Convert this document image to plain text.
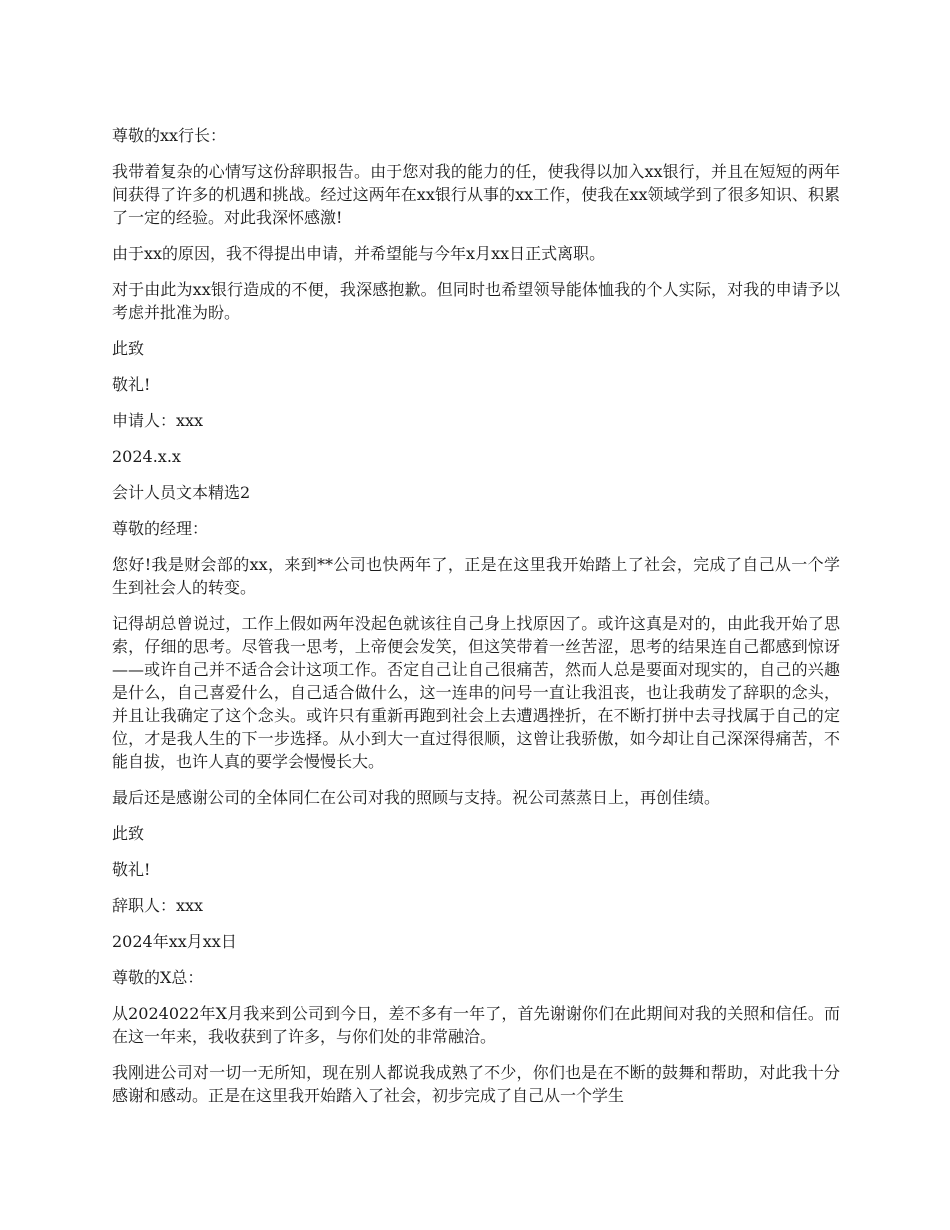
尊敬的xx行长：

我带着复杂的心情写这份辞职报告。由于您对我的能力的任，使我得以加入xx银行，并且在短短的两年间获得了许多的机遇和挑战。经过这两年在xx银行从事的xx工作，使我在xx领域学到了很多知识、积累了一定的经验。对此我深怀感激!

由于xx的原因，我不得提出申请，并希望能与今年x月xx日正式离职。

对于由此为xx银行造成的不便，我深感抱歉。但同时也希望领导能体恤我的个人实际，对我的申请予以考虑并批准为盼。

此致

敬礼!

申请人：xxx

2024.x.x

会计人员文本精选2

尊敬的经理：

您好!我是财会部的xx，来到**公司也快两年了，正是在这里我开始踏上了社会，完成了自己从一个学生到社会人的转变。

记得胡总曾说过，工作上假如两年没起色就该往自己身上找原因了。或许这真是对的，由此我开始了思索，仔细的思考。尽管我一思考，上帝便会发笑，但这笑带着一丝苦涩，思考的结果连自己都感到惊讶——或许自己并不适合会计这项工作。否定自己让自己很痛苦，然而人总是要面对现实的，自己的兴趣是什么，自己喜爱什么，自己适合做什么，这一连串的问号一直让我沮丧，也让我萌发了辞职的念头，并且让我确定了这个念头。或许只有重新再跑到社会上去遭遇挫折，在不断打拼中去寻找属于自己的定位，才是我人生的下一步选择。从小到大一直过得很顺，这曾让我骄傲，如今却让自己深深得痛苦，不能自拔，也许人真的要学会慢慢长大。

最后还是感谢公司的全体同仁在公司对我的照顾与支持。祝公司蒸蒸日上，再创佳绩。

此致

敬礼!

辞职人：xxx

2024年xx月xx日

尊敬的X总：

从2024022年X月我来到公司到今日，差不多有一年了，首先谢谢你们在此期间对我的关照和信任。而在这一年来，我收获到了许多，与你们处的非常融洽。

我刚进公司对一切一无所知，现在别人都说我成熟了不少，你们也是在不断的鼓舞和帮助，对此我十分感谢和感动。正是在这里我开始踏入了社会，初步完成了自己从一个学生
